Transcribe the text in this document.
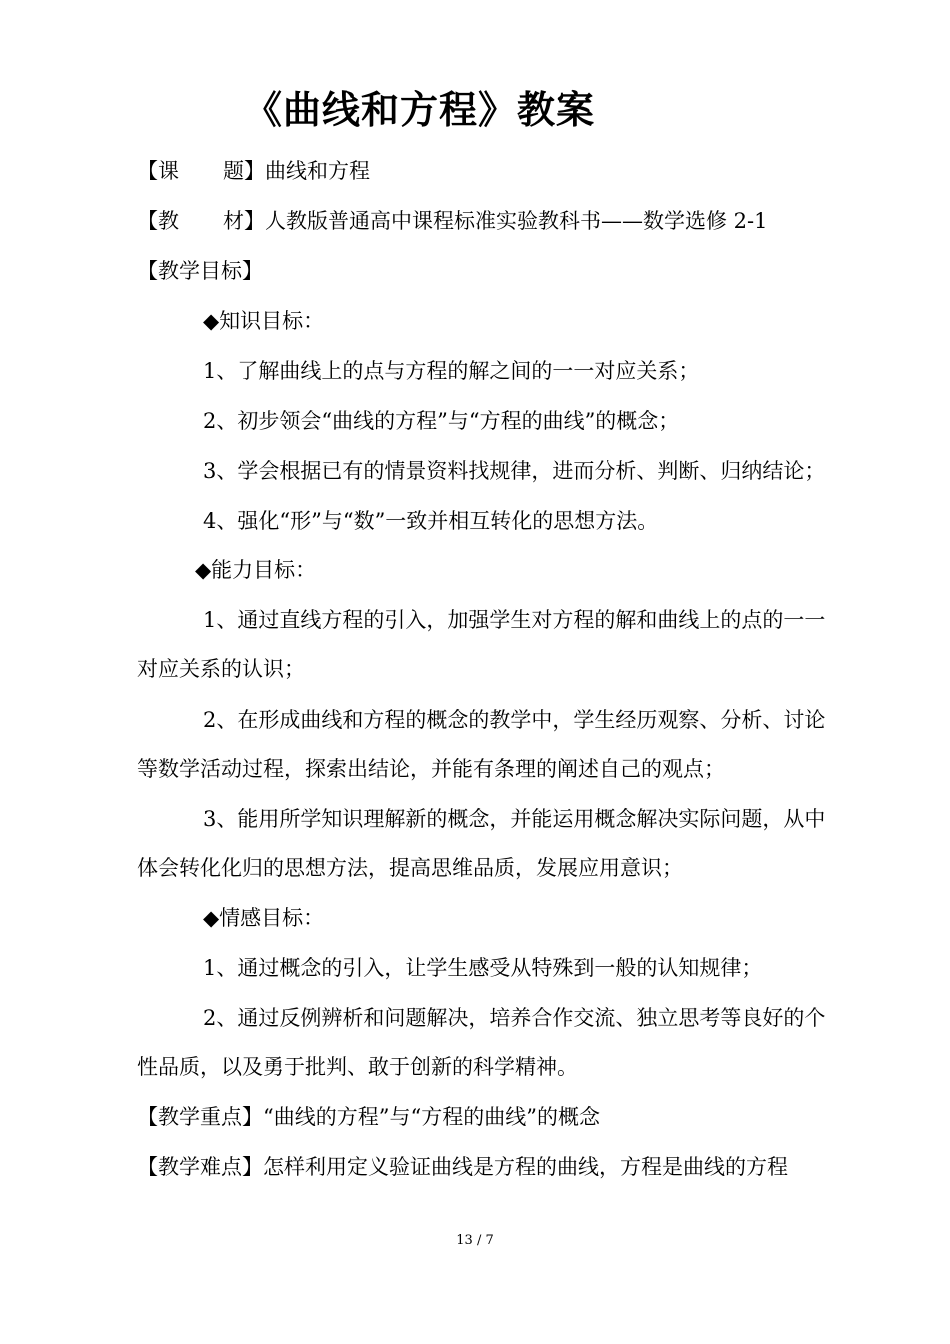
《曲线和方程》教案
【课 题】曲线和方程
【教 材】人教版普通高中课程标准实验教科书——数学选修 2-1
【教学目标】
◆知识目标：
1、了解曲线上的点与方程的解之间的一一对应关系；
2、初步领会“曲线的方程”与“方程的曲线”的概念；
3、学会根据已有的情景资料找规律，进而分析、判断、归纳结论；
4、强化“形”与“数”一致并相互转化的思想方法。
◆能力目标：
1、通过直线方程的引入，加强学生对方程的解和曲线上的点的一一
对应关系的认识；
2、在形成曲线和方程的概念的教学中，学生经历观察、分析、讨论
等数学活动过程，探索出结论，并能有条理的阐述自己的观点；
3、能用所学知识理解新的概念，并能运用概念解决实际问题，从中
体会转化化归的思想方法，提高思维品质，发展应用意识；
◆情感目标：
1、通过概念的引入，让学生感受从特殊到一般的认知规律；
2、通过反例辨析和问题解决，培养合作交流、独立思考等良好的个
性品质，以及勇于批判、敢于创新的科学精神。
【教学重点】“曲线的方程”与“方程的曲线”的概念
【教学难点】怎样利用定义验证曲线是方程的曲线，方程是曲线的方程
13 / 7
